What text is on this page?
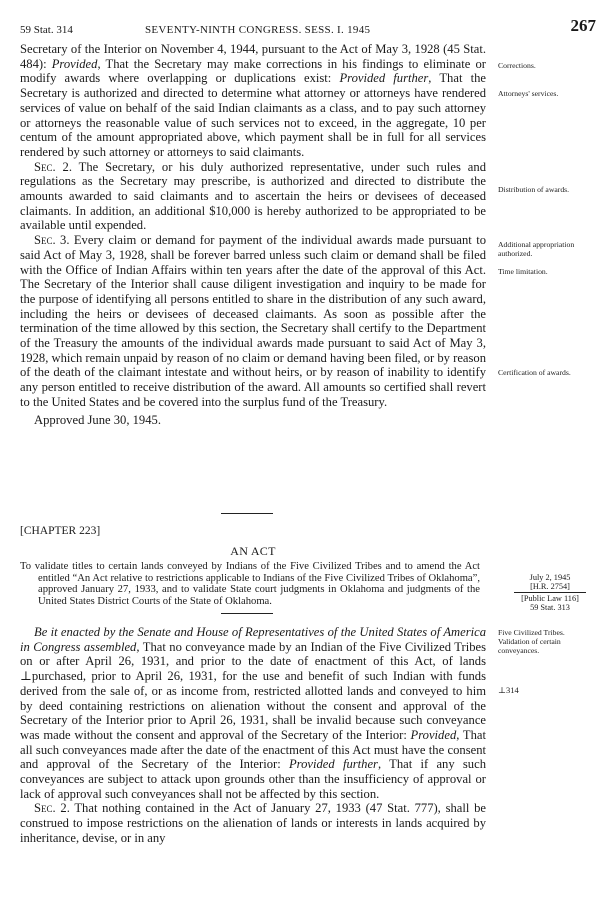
59 Stat. 314	SEVENTY-NINTH CONGRESS. SESS. I. 1945	267

Secretary of the Interior on November 4, 1944, pursuant to the Act of May 3, 1928 (45 Stat. 484): Provided, That the Secretary may make corrections in his findings to eliminate or modify awards where overlapping or duplications exist: Provided further, That the Secretary is authorized and directed to determine what attorney or attorneys have rendered services of value on behalf of the said Indian claimants as a class, and to pay such attorney or attorneys the reasonable value of such services not to exceed, in the aggregate, 10 per centum of the amount appropriated above, which payment shall be in full for all services rendered by such attorney or attorneys to said claimants.

Sec. 2. The Secretary, or his duly authorized representative, under such rules and regulations as the Secretary may prescribe, is authorized and directed to distribute the amounts awarded to said claimants and to ascertain the heirs or devisees of deceased claimants. In addition, an additional $10,000 is hereby authorized to be appropriated to be available until expended.

Sec. 3. Every claim or demand for payment of the individual awards made pursuant to said Act of May 3, 1928, shall be forever barred unless such claim or demand shall be filed with the Office of Indian Affairs within ten years after the date of the approval of this Act. The Secretary of the Interior shall cause diligent investigation and inquiry to be made for the purpose of identifying all persons entitled to share in the distribution of any such award, including the heirs or devisees of deceased claimants. As soon as possible after the termination of the time allowed by this section, the Secretary shall certify to the Department of the Treasury the amounts of the individual awards made pursuant to said Act of May 3, 1928, which remain unpaid by reason of no claim or demand having been filed, or by reason of the death of the claimant intestate and without heirs, or by reason of inability to identify any person entitled to receive distribution of the award. All amounts so certified shall revert to the United States and be covered into the surplus fund of the Treasury.

Approved June 30, 1945.

Corrections.
Attorneys' services.
Distribution of awards.
Additional appropriation authorized.
Time limitation.
Certification of awards.
[CHAPTER 223]
AN ACT
To validate titles to certain lands conveyed by Indians of the Five Civilized Tribes and to amend the Act entitled “An Act relative to restrictions applicable to Indians of the Five Civilized Tribes of Oklahoma”, approved January 27, 1933, and to validate State court judgments in Oklahoma and judgments of the United States District Courts of the State of Oklahoma.
July 2, 1945
[H.R. 2754]
[Public Law 116]
59 Stat. 313

Be it enacted by the Senate and House of Representatives of the United States of America in Congress assembled, That no conveyance made by an Indian of the Five Civilized Tribes on or after April 26, 1931, and prior to the date of enactment of this Act, of lands ⊥purchased, prior to April 26, 1931, for the use and benefit of such Indian with funds derived from the sale of, or as income from, restricted allotted lands and conveyed to him by deed containing restrictions on alienation without the consent and approval of the Secretary of the Interior prior to April 26, 1931, shall be invalid because such conveyance was made without the consent and approval of the Secretary of the Interior: Provided, That all such conveyances made after the date of the enactment of this Act must have the consent and approval of the Secretary of the Interior: Provided further, That if any such conveyances are subject to attack upon grounds other than the insufficiency of approval or lack of approval such conveyances shall not be affected by this section.

Sec. 2. That nothing contained in the Act of January 27, 1933 (47 Stat. 777), shall be construed to impose restrictions on the alienation of lands or interests in lands acquired by inheritance, devise, or in any

Five Civilized Tribes. Validation of certain conveyances.
⊥314
